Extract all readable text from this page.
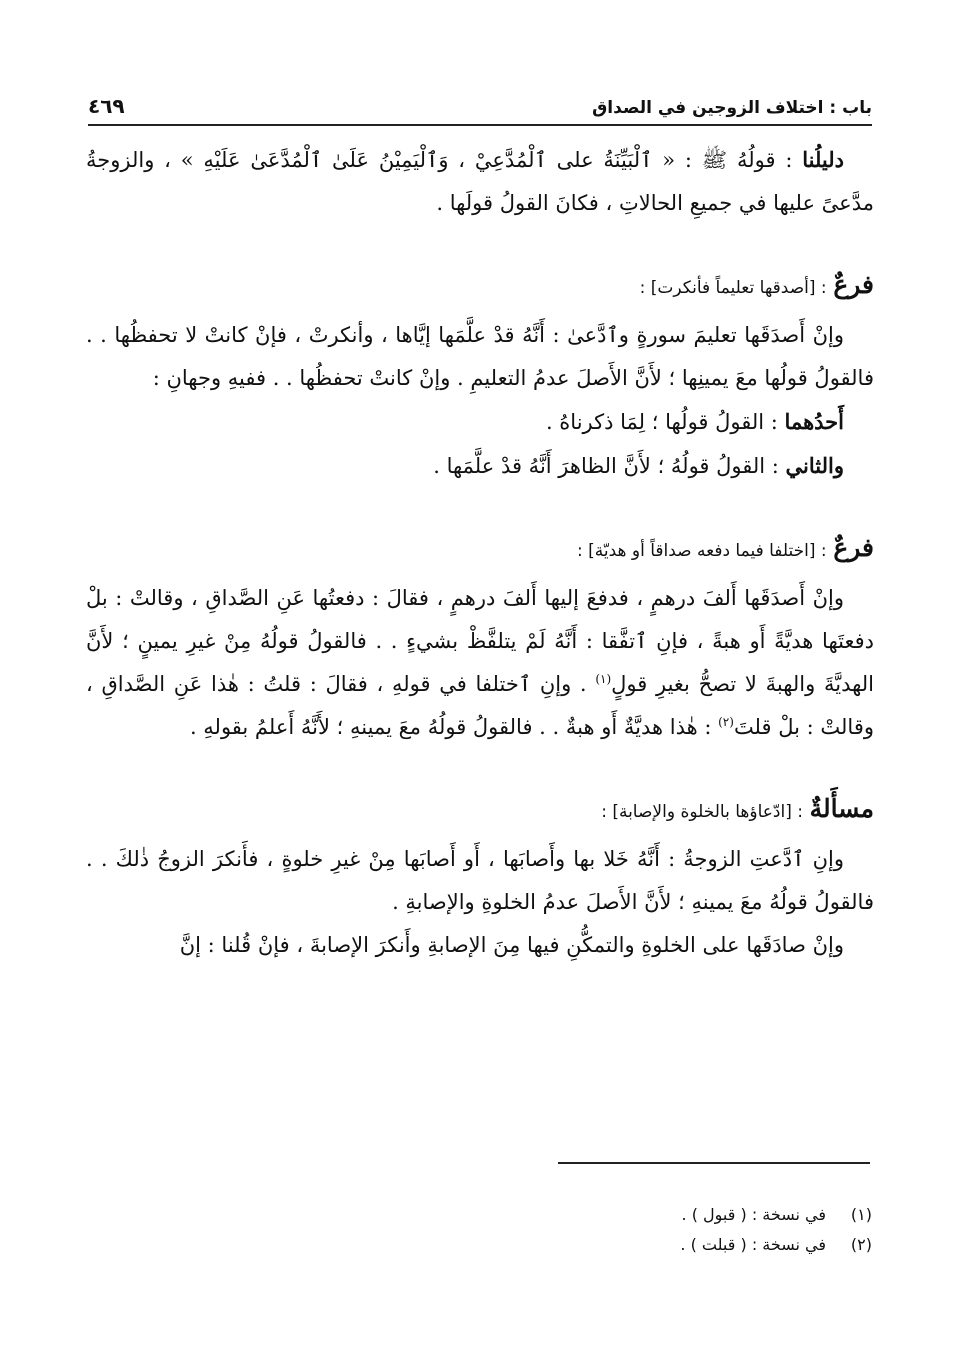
باب : اختلاف الزوجين في الصداق
٤٦٩

دليلُنا : قولُهُ ﷺ : « ٱلْبَيِّنَةُ على ٱلْمُدَّعِيْ ، وَٱلْيَمِيْنُ عَلَىٰ ٱلْمُدَّعَىٰ عَلَيْهِ » ، والزوجةُ مدَّعىً عليها في جميعِ الحالاتِ ، فكانَ القولُ قولَها .

فرعٌ : [أصدقها تعليماً فأنكرت] :

وإنْ أَصدَقَها تعليمَ سورةٍ وٱدَّعىٰ : أَنَّهُ قدْ علَّمَها إيَّاها ، وأنكرتْ ، فإنْ كانتْ لا تحفظُها . . فالقولُ قولُها معَ يمينِها ؛ لأَنَّ الأَصلَ عدمُ التعليمِ . وإنْ كانتْ تحفظُها . . ففيهِ وجهانِ :

أَحدُهما : القولُ قولُها ؛ لِمَا ذكرناهُ .

والثاني : القولُ قولُهُ ؛ لأَنَّ الظاهرَ أَنَّهُ قدْ علَّمَها .

فرعٌ : [اختلفا فيما دفعه صداقاً أو هديّة] :

وإنْ أَصدَقَها أَلفَ درهمٍ ، فدفعَ إليها أَلفَ درهمٍ ، فقالَ : دفعتُها عَنِ الصَّداقِ ، وقالتْ : بلْ دفعتَها هديَّةً أَو هبةً ، فإنِ ٱتفَّقا : أَنَّهُ لَمْ يتلفَّظْ بشيءٍ . . فالقولُ قولُهُ مِنْ غيرِ يمينٍ ؛ لأَنَّ الهديَّةَ والهبةَ لا تصحُّ بغيرِ قولٍ$^{(١)}$ . وإنِ ٱختلفا في قولهِ ، فقالَ : قلتُ : هٰذا عَنِ الصَّداقِ ، وقالتْ : بلْ قلتَ$^{(٢)}$ : هٰذا هديَّةٌ أَو هبةٌ . . فالقولُ قولُهُ معَ يمينهِ ؛ لأَنَّهُ أَعلمُ بقولهِ .

مسأَلةٌ : [ادّعاؤها بالخلوة والإصابة] :

وإنِ ٱدَّعتِ الزوجةُ : أَنَّهُ خَلا بها وأَصابَها ، أَو أَصابَها مِنْ غيرِ خلوةٍ ، فأَنكرَ الزوجُ ذٰلكَ . . فالقولُ قولُهُ معَ يمينهِ ؛ لأَنَّ الأَصلَ عدمُ الخلوةِ والإصابةِ .

وإنْ صادَقَها على الخلوةِ والتمكُّنِ فيها مِنَ الإصابةِ وأَنكرَ الإصابةَ ، فإنْ قُلنا : إنَّ

(١)
في نسخة : ( قبول ) .
(٢)
في نسخة : ( قبلت ) .
